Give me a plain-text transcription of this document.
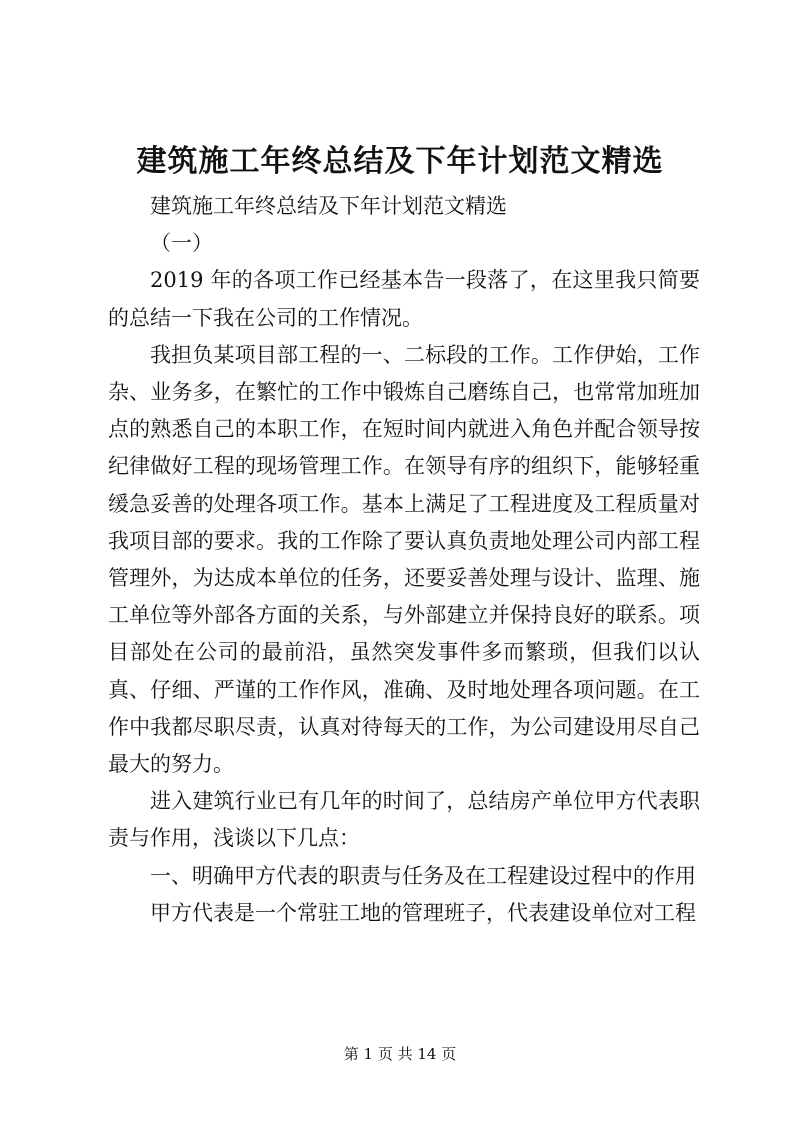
建筑施工年终总结及下年计划范文精选

建筑施工年终总结及下年计划范文精选

（一）

2019 年的各项工作已经基本告一段落了，在这里我只简要的总结一下我在公司的工作情况。

我担负某项目部工程的一、二标段的工作。工作伊始，工作杂、业务多，在繁忙的工作中锻炼自己磨练自己，也常常加班加点的熟悉自己的本职工作，在短时间内就进入角色并配合领导按纪律做好工程的现场管理工作。在领导有序的组织下，能够轻重缓急妥善的处理各项工作。基本上满足了工程进度及工程质量对我项目部的要求。我的工作除了要认真负责地处理公司内部工程管理外，为达成本单位的任务，还要妥善处理与设计、监理、施工单位等外部各方面的关系，与外部建立并保持良好的联系。项目部处在公司的最前沿，虽然突发事件多而繁琐，但我们以认真、仔细、严谨的工作作风，准确、及时地处理各项问题。在工作中我都尽职尽责，认真对待每天的工作，为公司建设用尽自己最大的努力。

进入建筑行业已有几年的时间了，总结房产单位甲方代表职责与作用，浅谈以下几点：

一、明确甲方代表的职责与任务及在工程建设过程中的作用

甲方代表是一个常驻工地的管理班子，代表建设单位对工程

第 1 页 共 14 页
